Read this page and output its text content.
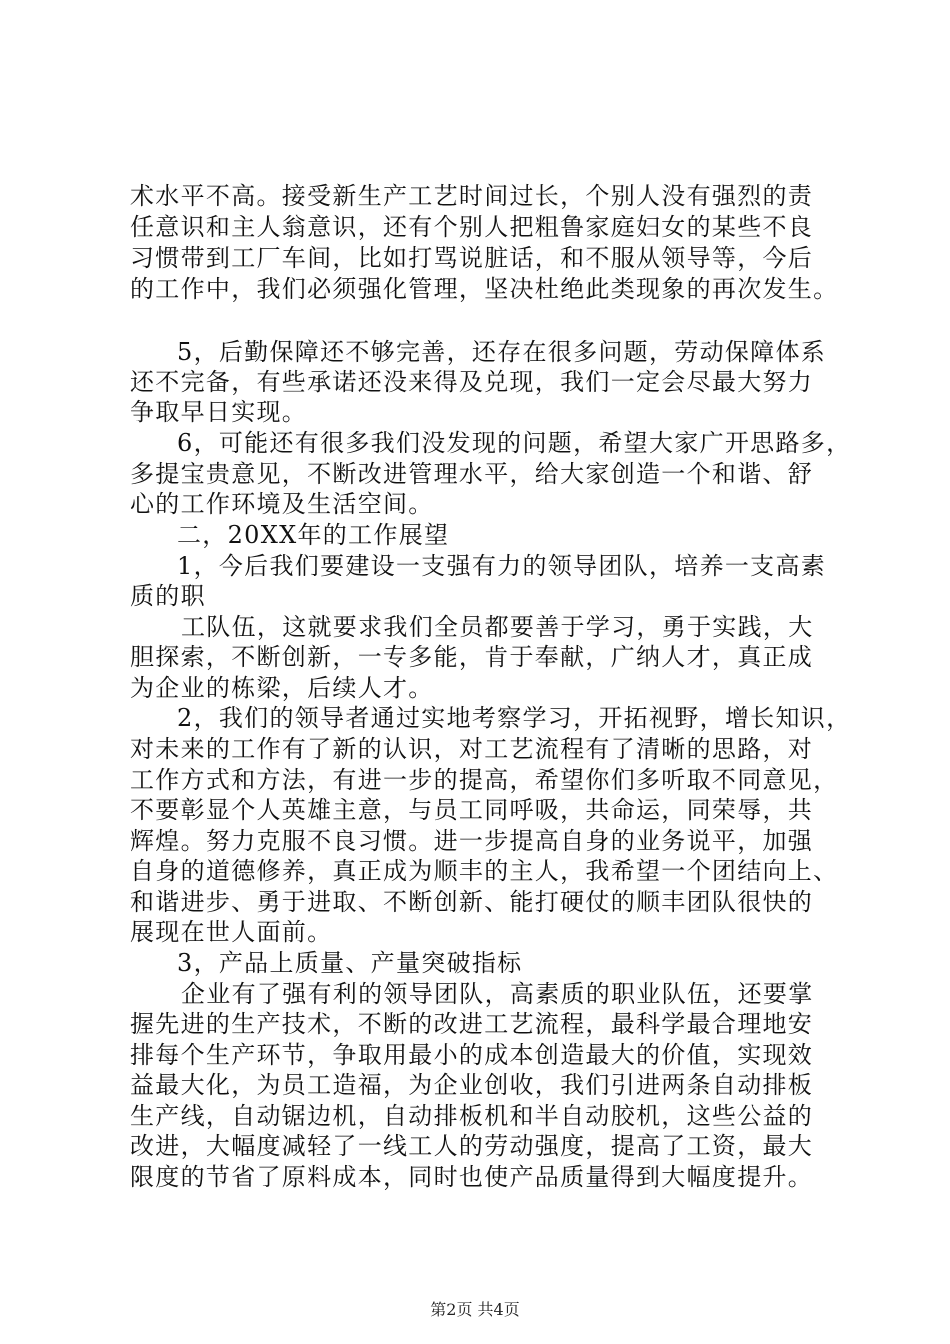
术水平不高。接受新生产工艺时间过长，个别人没有强烈的责
任意识和主人翁意识，还有个别人把粗鲁家庭妇女的某些不良
习惯带到工厂车间，比如打骂说脏话，和不服从领导等，今后
的工作中，我们必须强化管理，坚决杜绝此类现象的再次发生。
5，后勤保障还不够完善，还存在很多问题，劳动保障体系
还不完备，有些承诺还没来得及兑现，我们一定会尽最大努力
争取早日实现。
6，可能还有很多我们没发现的问题，希望大家广开思路多，
多提宝贵意见，不断改进管理水平，给大家创造一个和谐、舒
心的工作环境及生活空间。
二，20XX年的工作展望
1，今后我们要建设一支强有力的领导团队，培养一支高素
质的职
工队伍，这就要求我们全员都要善于学习，勇于实践，大
胆探索，不断创新，一专多能，肯于奉献，广纳人才，真正成
为企业的栋梁，后续人才。
2，我们的领导者通过实地考察学习，开拓视野，增长知识，
对未来的工作有了新的认识，对工艺流程有了清晰的思路，对
工作方式和方法，有进一步的提高，希望你们多听取不同意见，
不要彰显个人英雄主意，与员工同呼吸，共命运，同荣辱，共
辉煌。努力克服不良习惯。进一步提高自身的业务说平，加强
自身的道德修养，真正成为顺丰的主人，我希望一个团结向上、
和谐进步、勇于进取、不断创新、能打硬仗的顺丰团队很快的
展现在世人面前。
3，产品上质量、产量突破指标
企业有了强有利的领导团队，高素质的职业队伍，还要掌
握先进的生产技术，不断的改进工艺流程，最科学最合理地安
排每个生产环节，争取用最小的成本创造最大的价值，实现效
益最大化，为员工造福，为企业创收，我们引进两条自动排板
生产线，自动锯边机，自动排板机和半自动胶机，这些公益的
改进，大幅度减轻了一线工人的劳动强度，提高了工资，最大
限度的节省了原料成本，同时也使产品质量得到大幅度提升。
第2页 共4页
